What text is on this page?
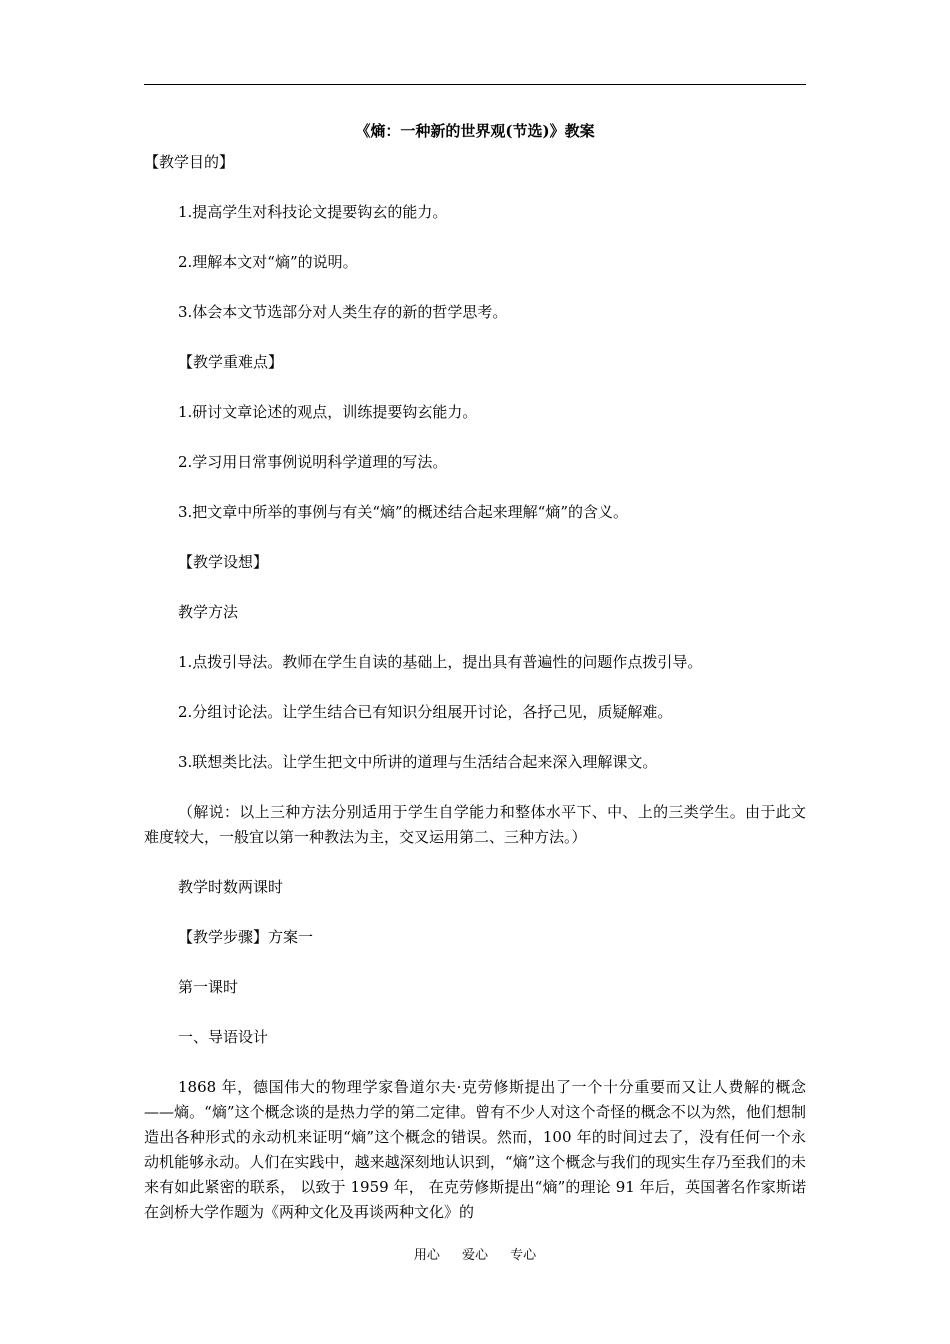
《熵：一种新的世界观(节选)》教案

【教学目的】

1.提高学生对科技论文提要钩玄的能力。

2.理解本文对“熵”的说明。

3.体会本文节选部分对人类生存的新的哲学思考。

【教学重难点】

1.研讨文章论述的观点，训练提要钩玄能力。

2.学习用日常事例说明科学道理的写法。

3.把文章中所举的事例与有关“熵”的概述结合起来理解“熵”的含义。

【教学设想】

教学方法

1.点拨引导法。教师在学生自读的基础上，提出具有普遍性的问题作点拨引导。

2.分组讨论法。让学生结合已有知识分组展开讨论，各抒己见，质疑解难。

3.联想类比法。让学生把文中所讲的道理与生活结合起来深入理解课文。

（解说：以上三种方法分别适用于学生自学能力和整体水平下、中、上的三类学生。由于此文难度较大，一般宜以第一种教法为主，交叉运用第二、三种方法。）

教学时数两课时

【教学步骤】方案一

第一课时

一、导语设计

1868 年，德国伟大的物理学家鲁道尔夫·克劳修斯提出了一个十分重要而又让人费解的概念——熵。“熵”这个概念谈的是热力学的第二定律。曾有不少人对这个奇怪的概念不以为然，他们想制造出各种形式的永动机来证明“熵”这个概念的错误。然而，100 年的时间过去了，没有任何一个永动机能够永动。人们在实践中，越来越深刻地认识到，“熵”这个概念与我们的现实生存乃至我们的未来有如此紧密的联系， 以致于 1959 年， 在克劳修斯提出“熵”的理论 91 年后，英国著名作家斯诺在剑桥大学作题为《两种文化及再谈两种文化》的

用心 爱心 专心
